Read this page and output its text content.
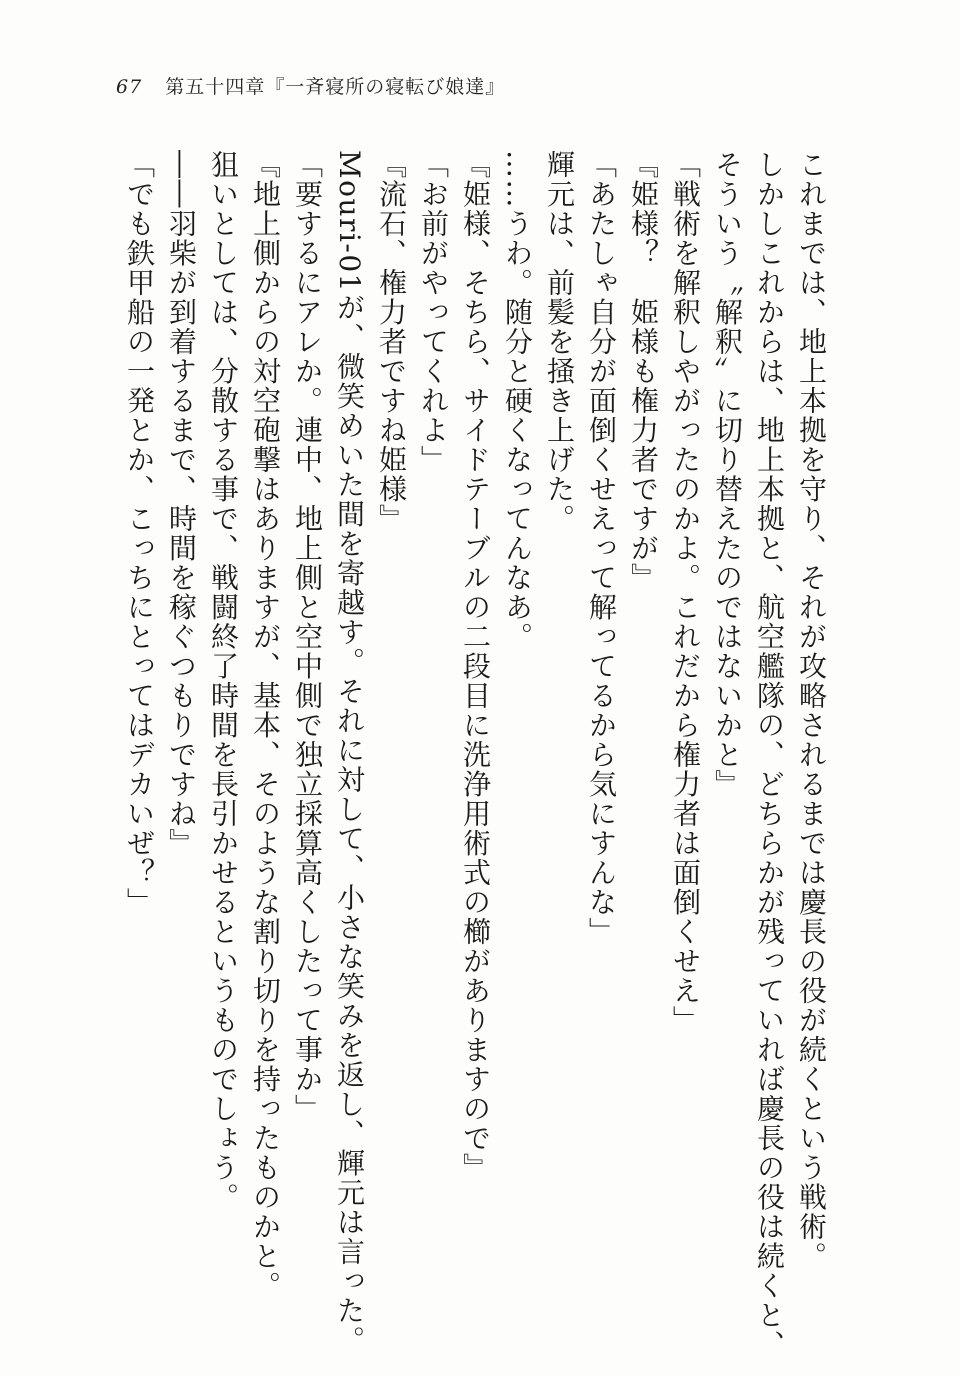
67 第五十四章『一斉寝所の寝転び娘達』
これまでは、地上本拠を守り、それが攻略されるまでは慶長の役が続くという戦術。
しかしこれからは、地上本拠と、航空艦隊の、どちらかが残っていれば慶長の役は続くと、
そういう〝解釈〟に切り替えたのではないかと』
「戦術を解釈しやがったのかよ。これだから権力者は面倒くせえ」
『姫様？　姫様も権力者ですが』
「あたしゃ自分が面倒くせえって解ってるから気にすんな」
輝元は、前髪を掻き上げた。
……うわ。随分と硬くなってんなあ。
『姫様、そちら、サイドテーブルの二段目に洗浄用術式の櫛がありますので』
「お前がやってくれよ」
『流石、権力者ですね姫様』
Mouri-01が、微笑めいた間を寄越す。それに対して、小さな笑みを返し、輝元は言った。
「要するにアレか。連中、地上側と空中側で独立採算高くしたって事か」
『地上側からの対空砲撃はありますが、基本、そのような割り切りを持ったものかと。
狙いとしては、分散する事で、戦闘終了時間を長引かせるというものでしょう。
――羽柴が到着するまで、時間を稼ぐつもりですね』
「でも鉄甲船の一発とか、こっちにとってはデカいぜ？」
